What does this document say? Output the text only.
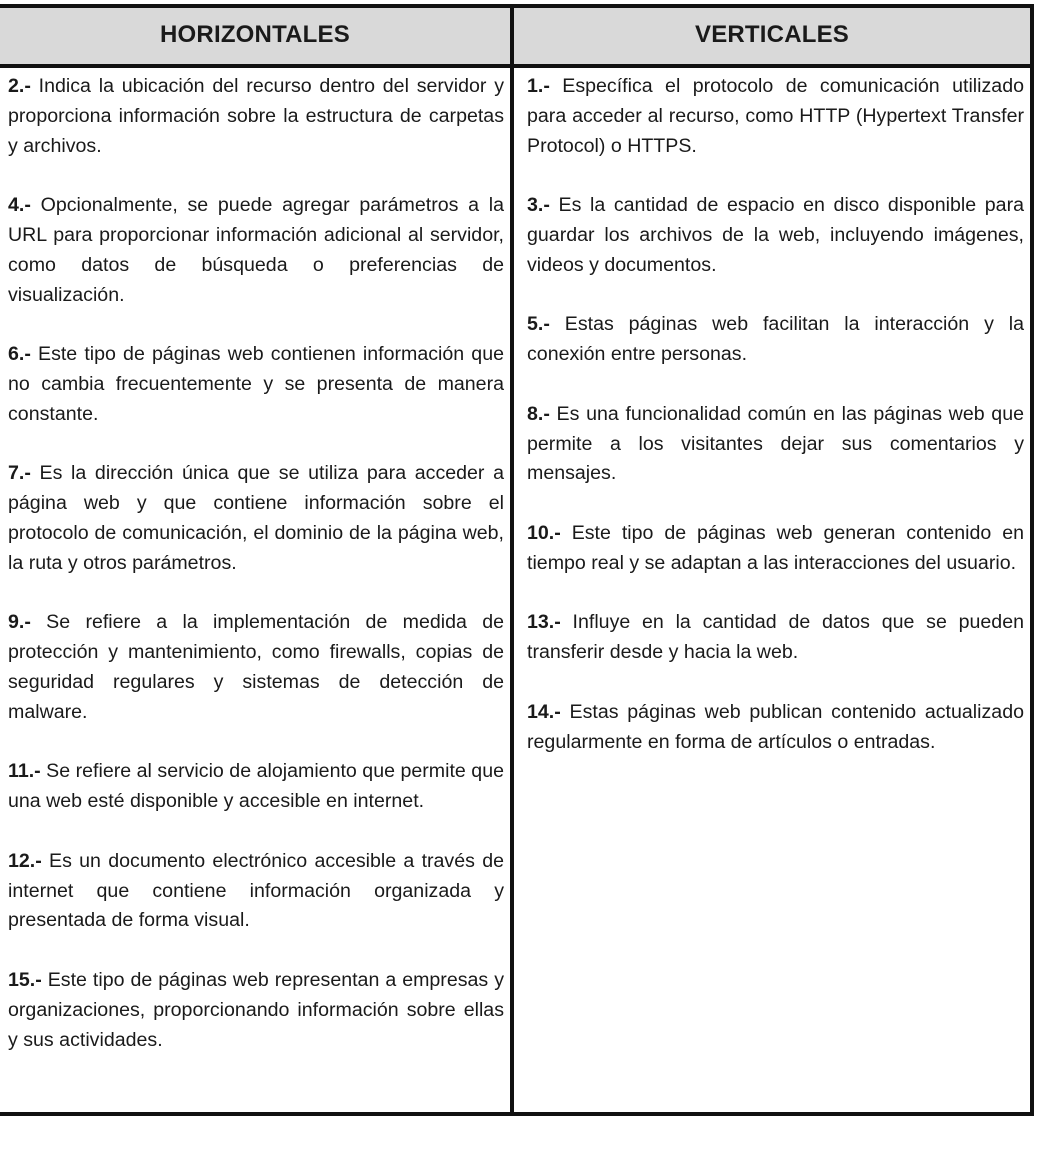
HORIZONTALES	VERTICALES

2.- Indica la ubicación del recurso dentro del servidor y proporciona información sobre la estructura de carpetas y archivos.

4.- Opcionalmente, se puede agregar parámetros a la URL para proporcionar información adicional al servidor, como datos de búsqueda o preferencias de visualización.

6.- Este tipo de páginas web contienen información que no cambia frecuentemente y se presenta de manera constante.

7.- Es la dirección única que se utiliza para acceder a página web y que contiene información sobre el protocolo de comunicación, el dominio de la página web, la ruta y otros parámetros.

9.- Se refiere a la implementación de medida de protección y mantenimiento, como firewalls, copias de seguridad regulares y sistemas de detección de malware.

11.- Se refiere al servicio de alojamiento que permite que una web esté disponible y accesible en internet.

12.- Es un documento electrónico accesible a través de internet que contiene información organizada y presentada de forma visual.

15.- Este tipo de páginas web representan a empresas y organizaciones, proporcionando información sobre ellas y sus actividades.

1.- Específica el protocolo de comunicación utilizado para acceder al recurso, como HTTP (Hypertext Transfer Protocol) o HTTPS.

3.- Es la cantidad de espacio en disco disponible para guardar los archivos de la web, incluyendo imágenes, videos y documentos.

5.- Estas páginas web facilitan la interacción y la conexión entre personas.

8.- Es una funcionalidad común en las páginas web que permite a los visitantes dejar sus comentarios y mensajes.

10.- Este tipo de páginas web generan contenido en tiempo real y se adaptan a las interacciones del usuario.

13.- Influye en la cantidad de datos que se pueden transferir desde y hacia la web.

14.- Estas páginas web publican contenido actualizado regularmente en forma de artículos o entradas.
